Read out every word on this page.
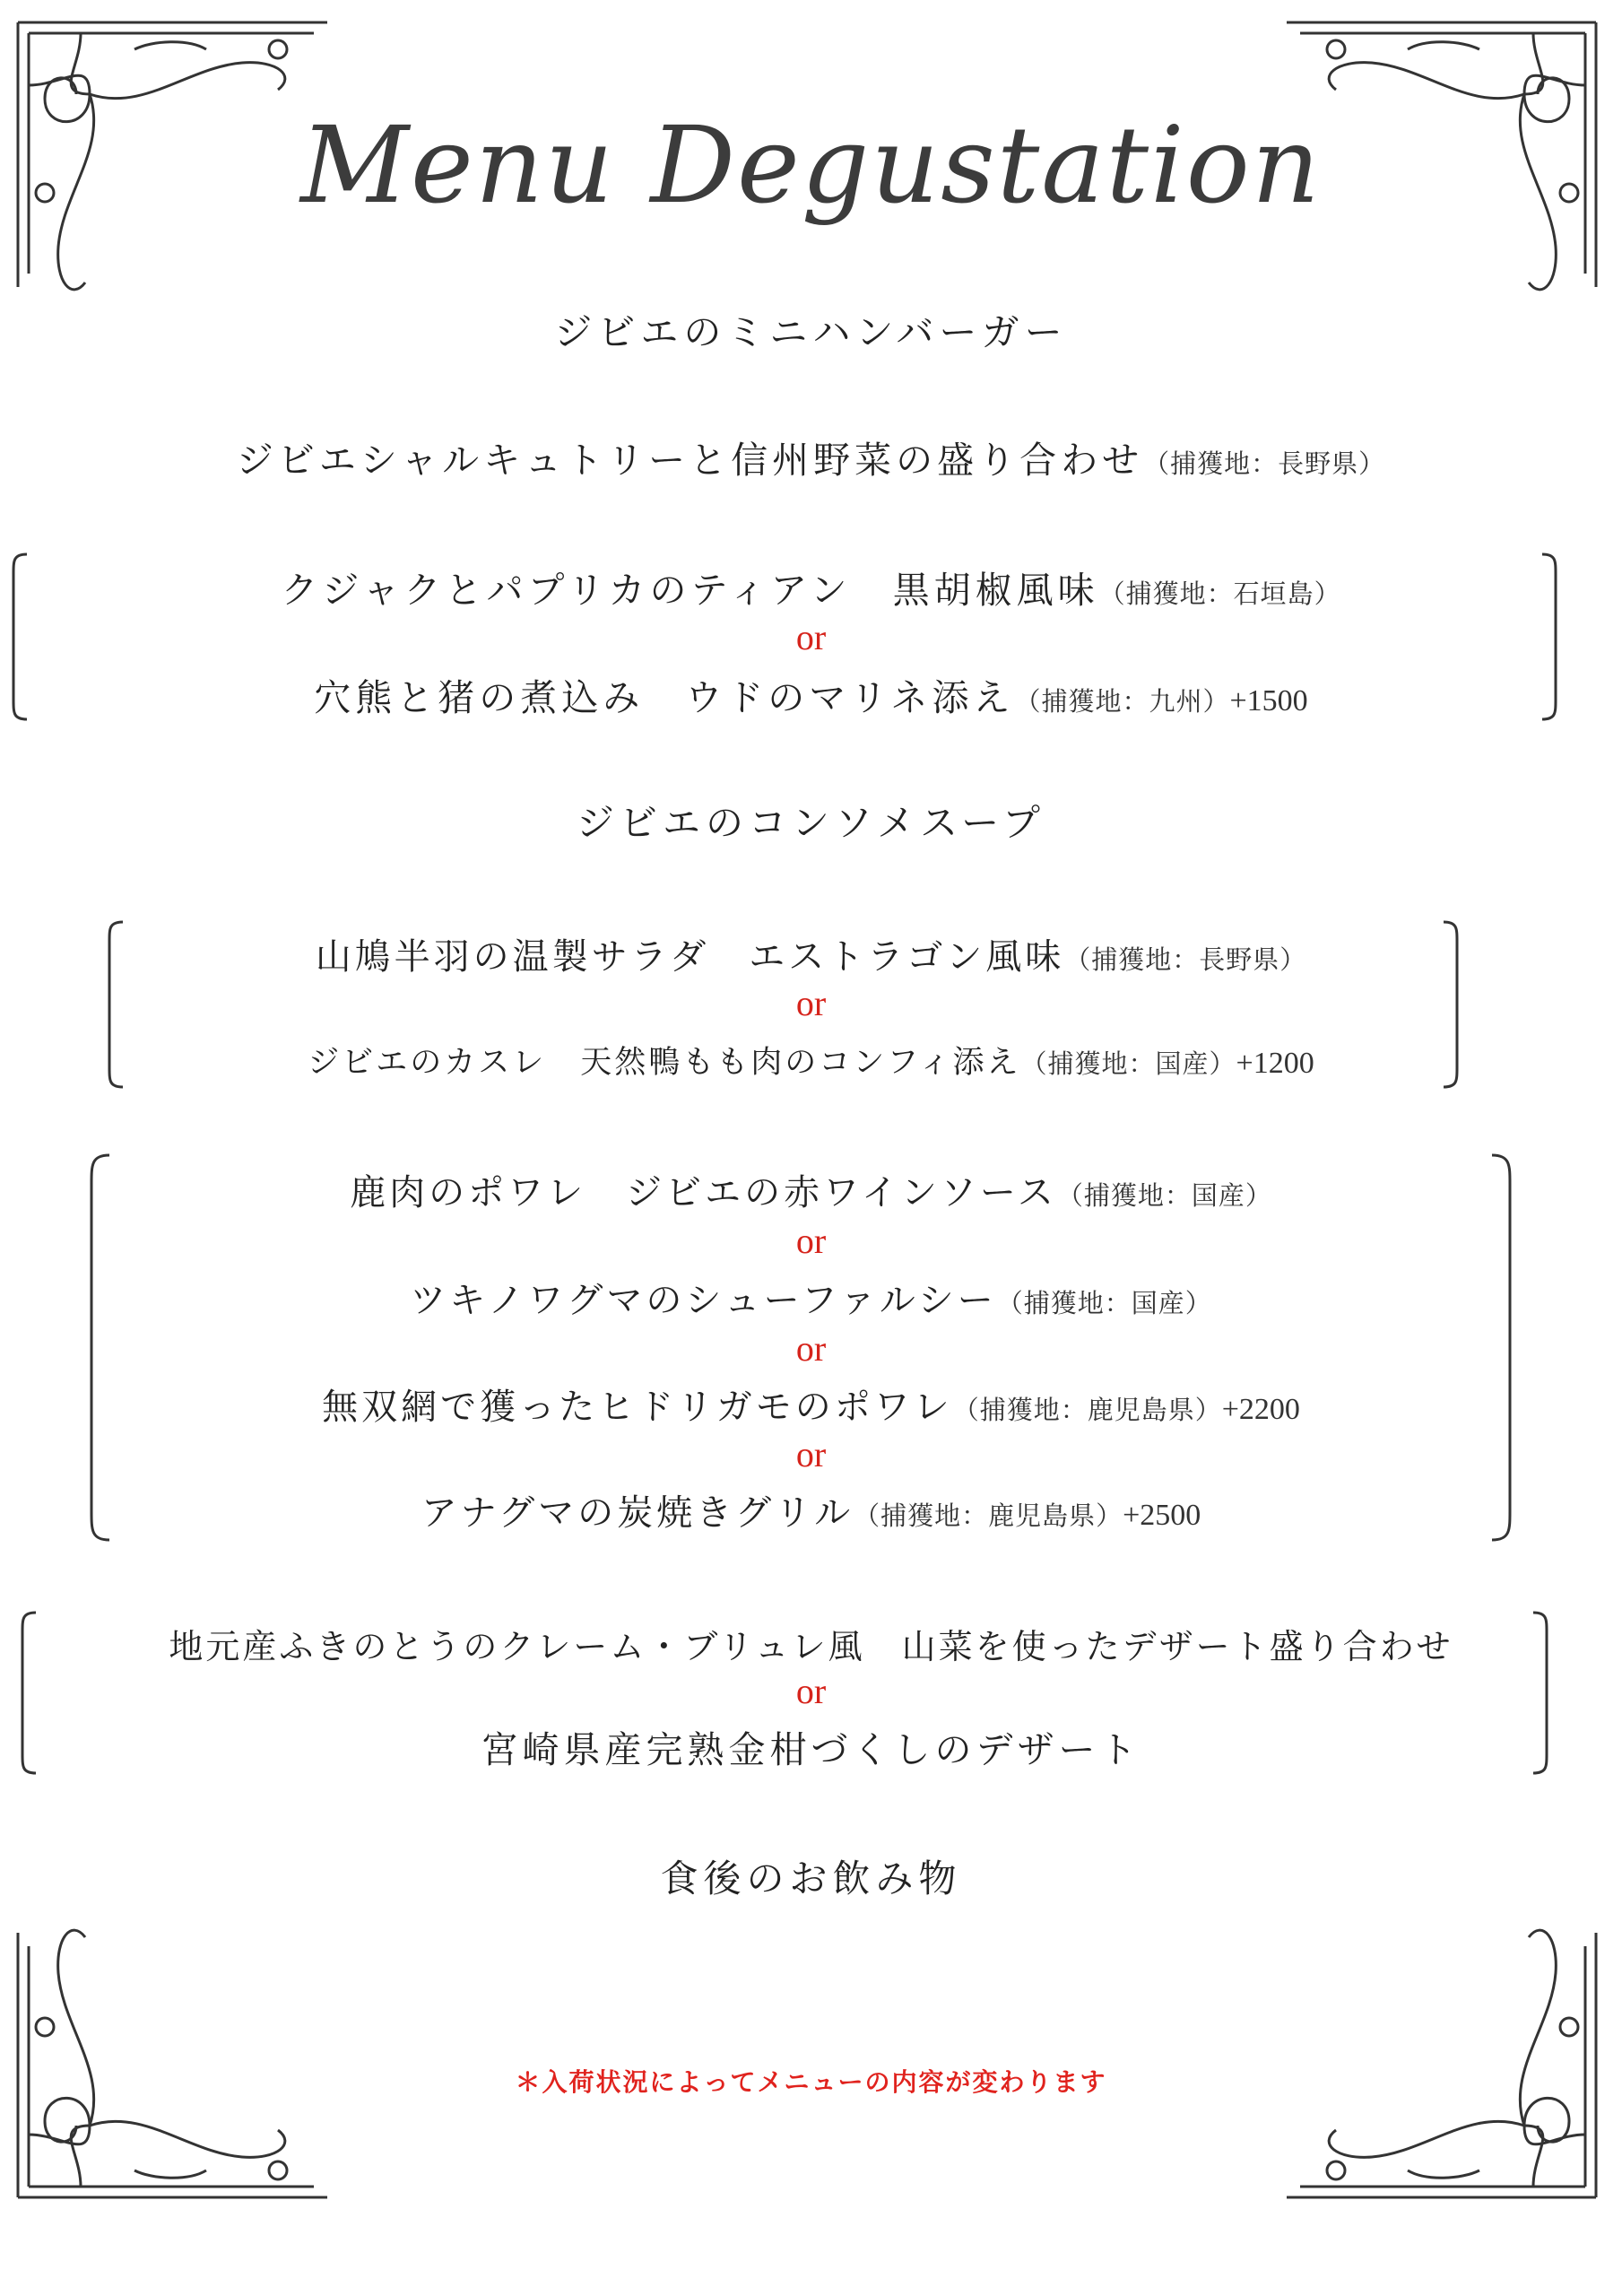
Menu Degustation
ジビエのミニハンバーガー
ジビエシャルキュトリーと信州野菜の盛り合わせ（捕獲地：長野県）
クジャクとパプリカのティアン　黒胡椒風味（捕獲地：石垣島）
or
穴熊と猪の煮込み　ウドのマリネ添え（捕獲地：九州）+1500
ジビエのコンソメスープ
山鳩半羽の温製サラダ　エストラゴン風味（捕獲地：長野県）
or
ジビエのカスレ　天然鴨もも肉のコンフィ添え（捕獲地：国産）+1200
鹿肉のポワレ　ジビエの赤ワインソース（捕獲地：国産）
or
ツキノワグマのシューファルシー（捕獲地：国産）
or
無双網で獲ったヒドリガモのポワレ（捕獲地：鹿児島県）+2200
or
アナグマの炭焼きグリル（捕獲地：鹿児島県）+2500
地元産ふきのとうのクレーム・ブリュレ風　山菜を使ったデザート盛り合わせ
or
宮崎県産完熟金柑づくしのデザート
食後のお飲み物
＊入荷状況によってメニューの内容が変わります
